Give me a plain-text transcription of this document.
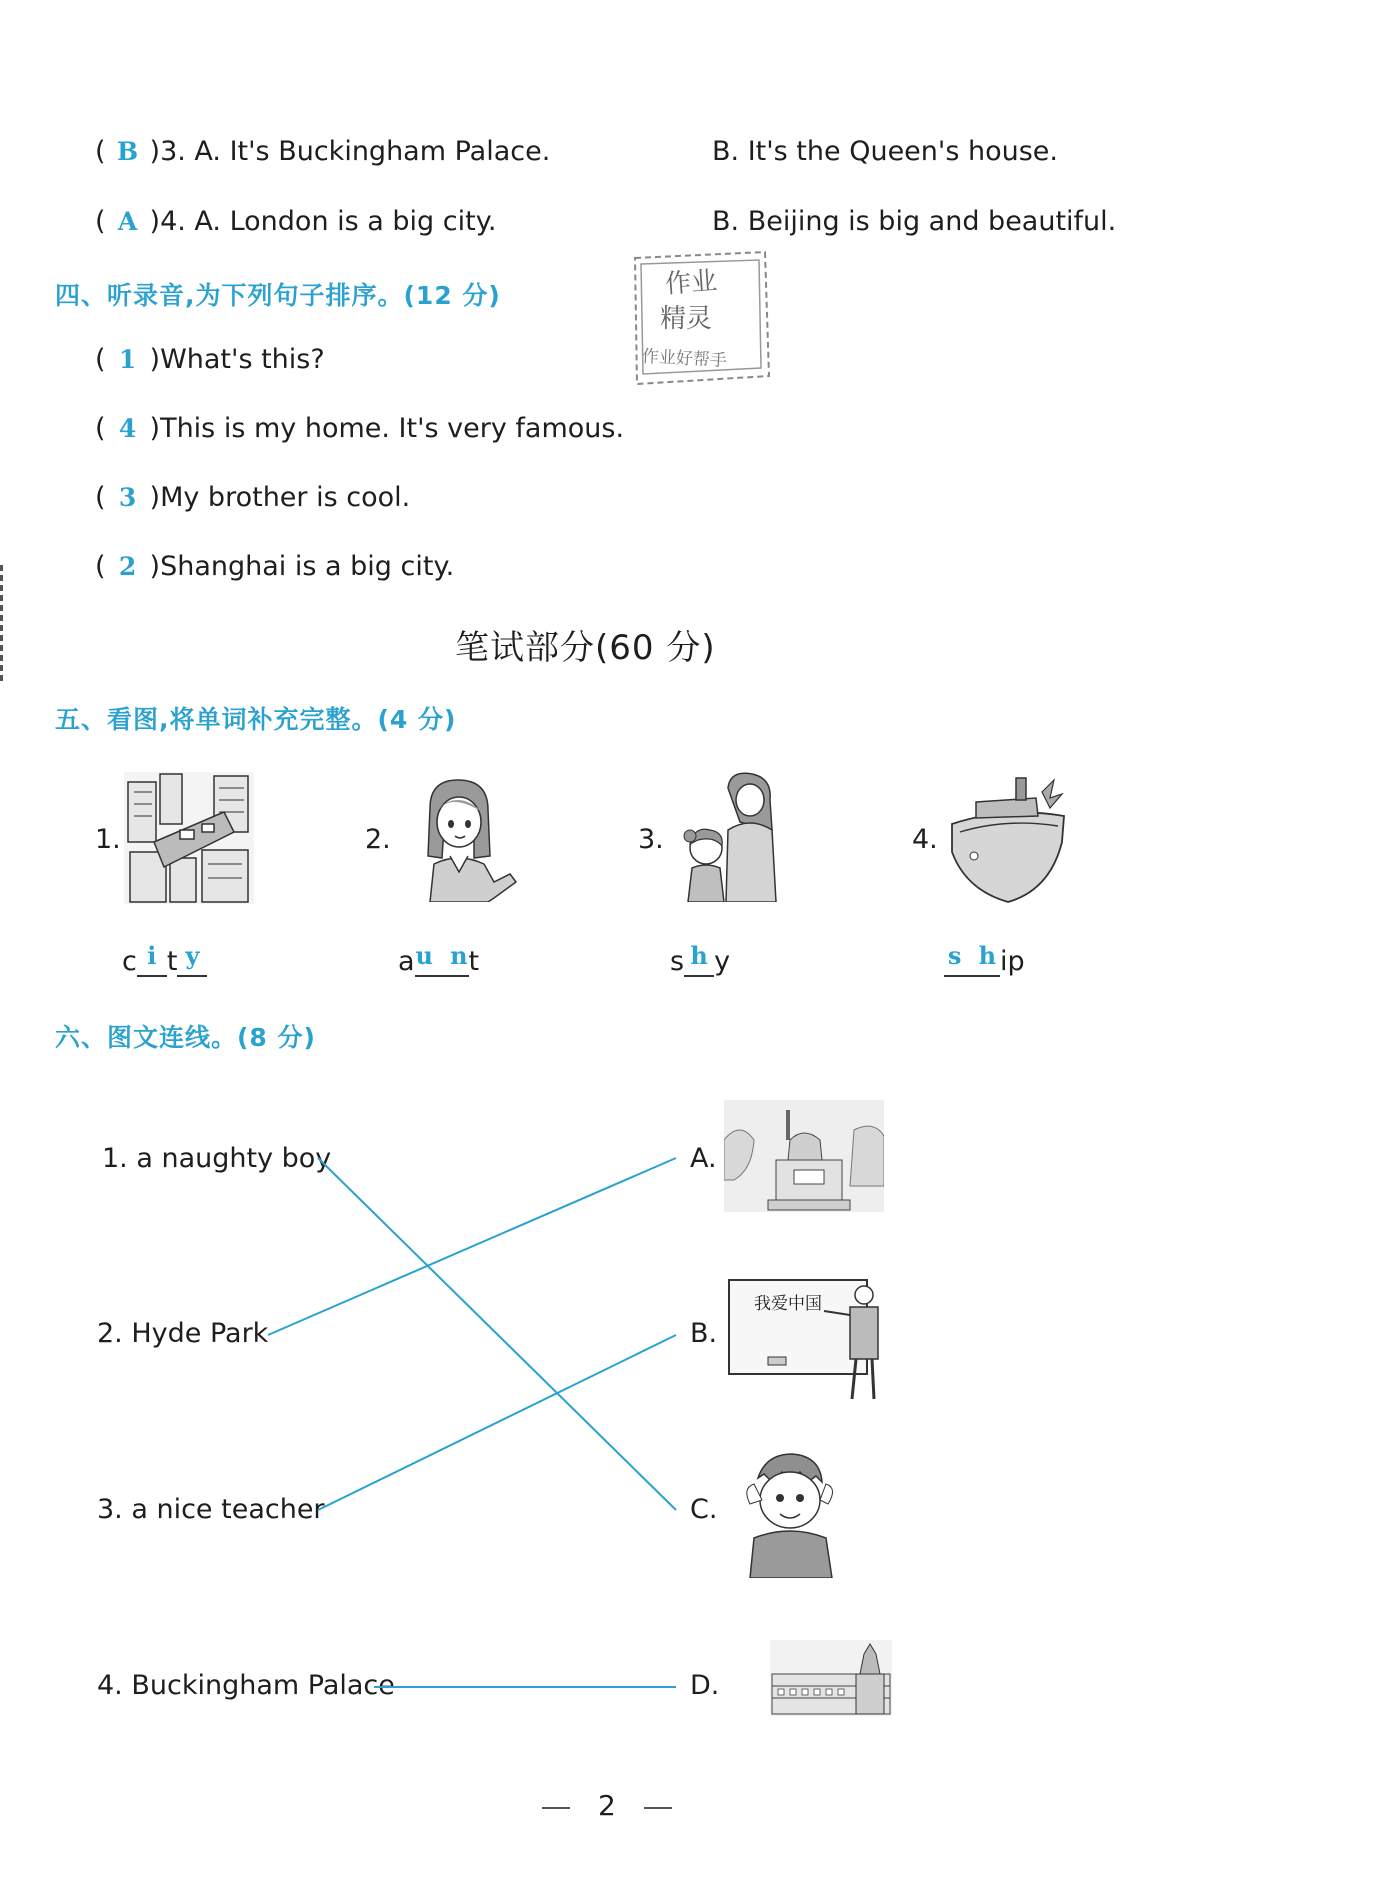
( B )3. A. It's Buckingham Palace.	B. It's the Queen's house.
( A )4. A. London is a big city.	B. Beijing is big and beautiful.
四、听录音,为下列句子排序。(12 分)
( 1 )What's this?
( 4 )This is my home. It's very famous.
( 3 )My brother is cool.
( 2 )Shanghai is a big city.
作业
精灵
作业好帮手
笔试部分(60 分)
五、看图,将单词补充完整。(4 分)
1.	2.	3.	4.
c i t y	au nt	s h y	s h ip
六、图文连线。(8 分)
1. a naughty boy
2. Hyde Park
3. a nice teacher
4. Buckingham Palace
A.
B.
C.
D.
我爱中国
2
